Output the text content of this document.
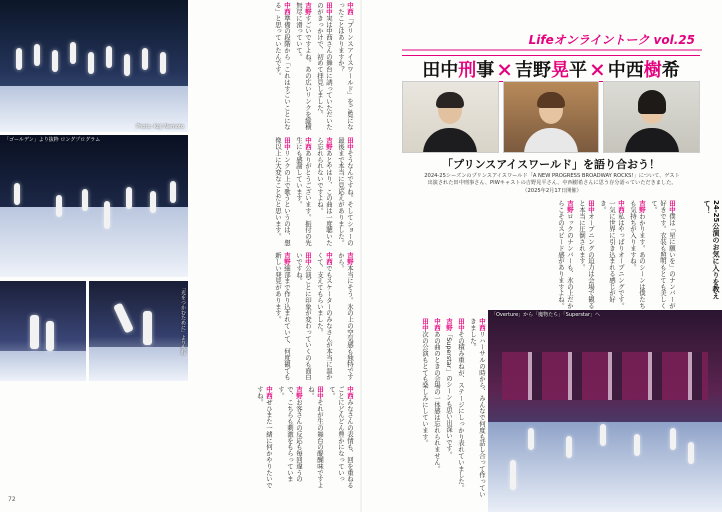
Photo: Koji Nemoto
「ゴールデン」より抜粋 ロングプログラム
「光をつかむために」より抜粋

中西「プリンスアイスワールド」をご覧になったことはありますか？

田中実は中西さんの舞台に誘っていただいたのがきっかけで、初めて拝見しました。

吉野すごいですよね。あの広いリンクを縦横無尽に滑っていて。

中西準備の段階から「これはすごいことになる」と思っていたんです。

田中そうなんですね。そしてショーの最後まで本当に見応えがありました。

吉野あとやはり、この曲は一度聴いたら忘れられないですよね。

中西ありがとうございます。振付の先生にも感謝しています。

田中リンクの上で歌うというのは、想像以上に大変なことだと思います。

吉野本当にそう。氷の上の空気感も独特ですから。

中西でもスケーターのみなさんが本当に温かくて、支えてもらいました。

田中公演ごとに印象が変わっていくのも面白いですね。

吉野細部まで作り込まれていて、何度観ても新しい発見があります。

中西みなさんの表情も、回を重ねるごとにどんどん豊かになっていって。

田中それが生の舞台の醍醐味ですよね。

吉野お客さんの反応も毎回違うので、こちらも刺激をもらっています。

中西ぜひまた一緒に何かやりたいですね。

72
Lifeオンライントーク vol.25
田中刑事 × 吉野晃平 × 中西樹希
「プリンスアイスワールド」を語り合おう！
2024-25シーズンのプリンスアイスワールド「A NEW PROGRESS BROADWAY ROCKS!」について、ゲスト出演された田中刑事さん、PIWキャストの吉野晃平さん、中西樹希さんに思う存分語っていただきました。（2025年2月17日開催）

田中僕は「星に願いを」のナンバーが好きです。衣装も照明もとても美しくて。

吉野わかります。あのシーンは僕たちも気持ちが入りますね。

中西私はやっぱりオープニングです。一気に世界に引き込まれる感じが好き。

田中オープニングの迫力は会場で観ると本当に圧倒されます。

吉野ロックのナンバーも、氷の上だからこそのスピード感がありますよね。	24-25公演のお気に入りを教えて！

中西リハーサルの時から、みんなで何度も話し合って作っていきました。

田中その積み重ねが、ステージにしっかり表れていました。

吉野「Superstar」のシーンも思い出深いです。

中西あの曲のときの会場の一体感は忘れられません。

田中次の公演もとても楽しみにしています。

「Overture」から「魔物たち」「Superstar」へ
